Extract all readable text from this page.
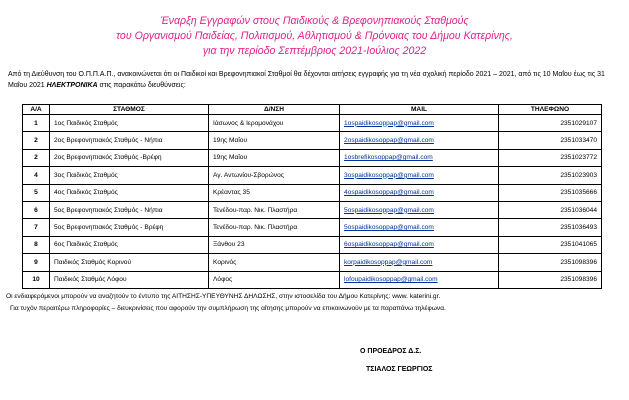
Έναρξη Εγγραφών στους Παιδικούς & Βρεφονηπιακούς Σταθμούς
του Οργανισμού Παιδείας, Πολιτισμού, Αθλητισμού & Πρόνοιας του Δήμου Κατερίνης,
για την περίοδο Σεπτέμβριος 2021-Ιούλιος 2022
Από τη Διεύθυνση του Ο.Π.Π.Α.Π., ανακοινώνεται ότι οι Παιδικοί και Βρεφονηπιακοί Σταθμοί θα δέχονται αιτήσεις εγγραφής για τη νέα σχολική περίοδο 2021 – 2021, από τις 10 Μαΐου έως τις 31 Μαΐου 2021 ΗΛΕΚΤΡΟΝΙΚΑ στις παρακάτω διευθύνσεις:
Α/Α	ΣΤΑΘΜΟΣ	Δ/ΝΣΗ	MAIL	ΤΗΛΕΦΩΝΟ
1	1ος Παιδικός Σταθμός	Ιάσωνος & Ιερομονάχου	1ospaidikosoppap@gmail.com	2351029107
2	2ος Βρεφονηπιακός Σταθμός - Νήπια	19ης Μαΐου	2ospaidikosoppap@gmail.com	2351033470
2	2ος Βρεφονηπιακός Σταθμός -Βρέφη	19ης Μαΐου	1osbrefikosoppap@gmail.com	2351023772
4	3ος Παιδικός Σταθμός	Αγ. Αντωνίου-Σβορώνος	3ospaidikosoppap@gmail.com	2351023903
5	4ος Παιδικός Σταθμός	Κρέαντας 35	4ospaidikosoppap@gmail.com	2351035666
6	5ος Βρεφονηπιακός Σταθμός - Νήπια	Τενέδου-παρ. Νικ. Πλαστήρα	5ospaidikosoppap@gmail.com	2351036044
7	5ος Βρεφονηπιακός Σταθμός - Βρέφη	Τενέδου-παρ. Νικ. Πλαστήρα	5ospaidikosoppap@gmail.com	2351036493
8	6ος Παιδικός Σταθμός	Ξάνθου 23	6ospaidikosoppap@gmail.com	2351041065
9	Παιδικός Σταθμός Κορινού	Κορινός	korpaidikosoppap@gmail.com	2351098396
10	Παιδικός Σταθμός Λόφου	Λόφος	lofoupaidikosoppap@gmail.com	2351098396
Οι ενδιαφερόμενοι μπορούν να αναζητούν το έντυπο της ΑΙΤΗΣΗΣ-ΥΠΕΥΘΥΝΗΣ ΔΗΛΩΣΗΣ, στην ιστοσελίδα του Δήμου Κατερίνης: www. katerini.gr.
Για τυχόν περαιτέρω πληροφορίες – διευκρινίσεις που αφορούν την συμπλήρωση της αίτησης μπορούν να επικοινωνούν με τα παραπάνω τηλέφωνα.
Ο ΠΡΟΕΔΡΟΣ Δ.Σ.
ΤΣΙΑΛΟΣ ΓΕΩΡΓΙΟΣ
